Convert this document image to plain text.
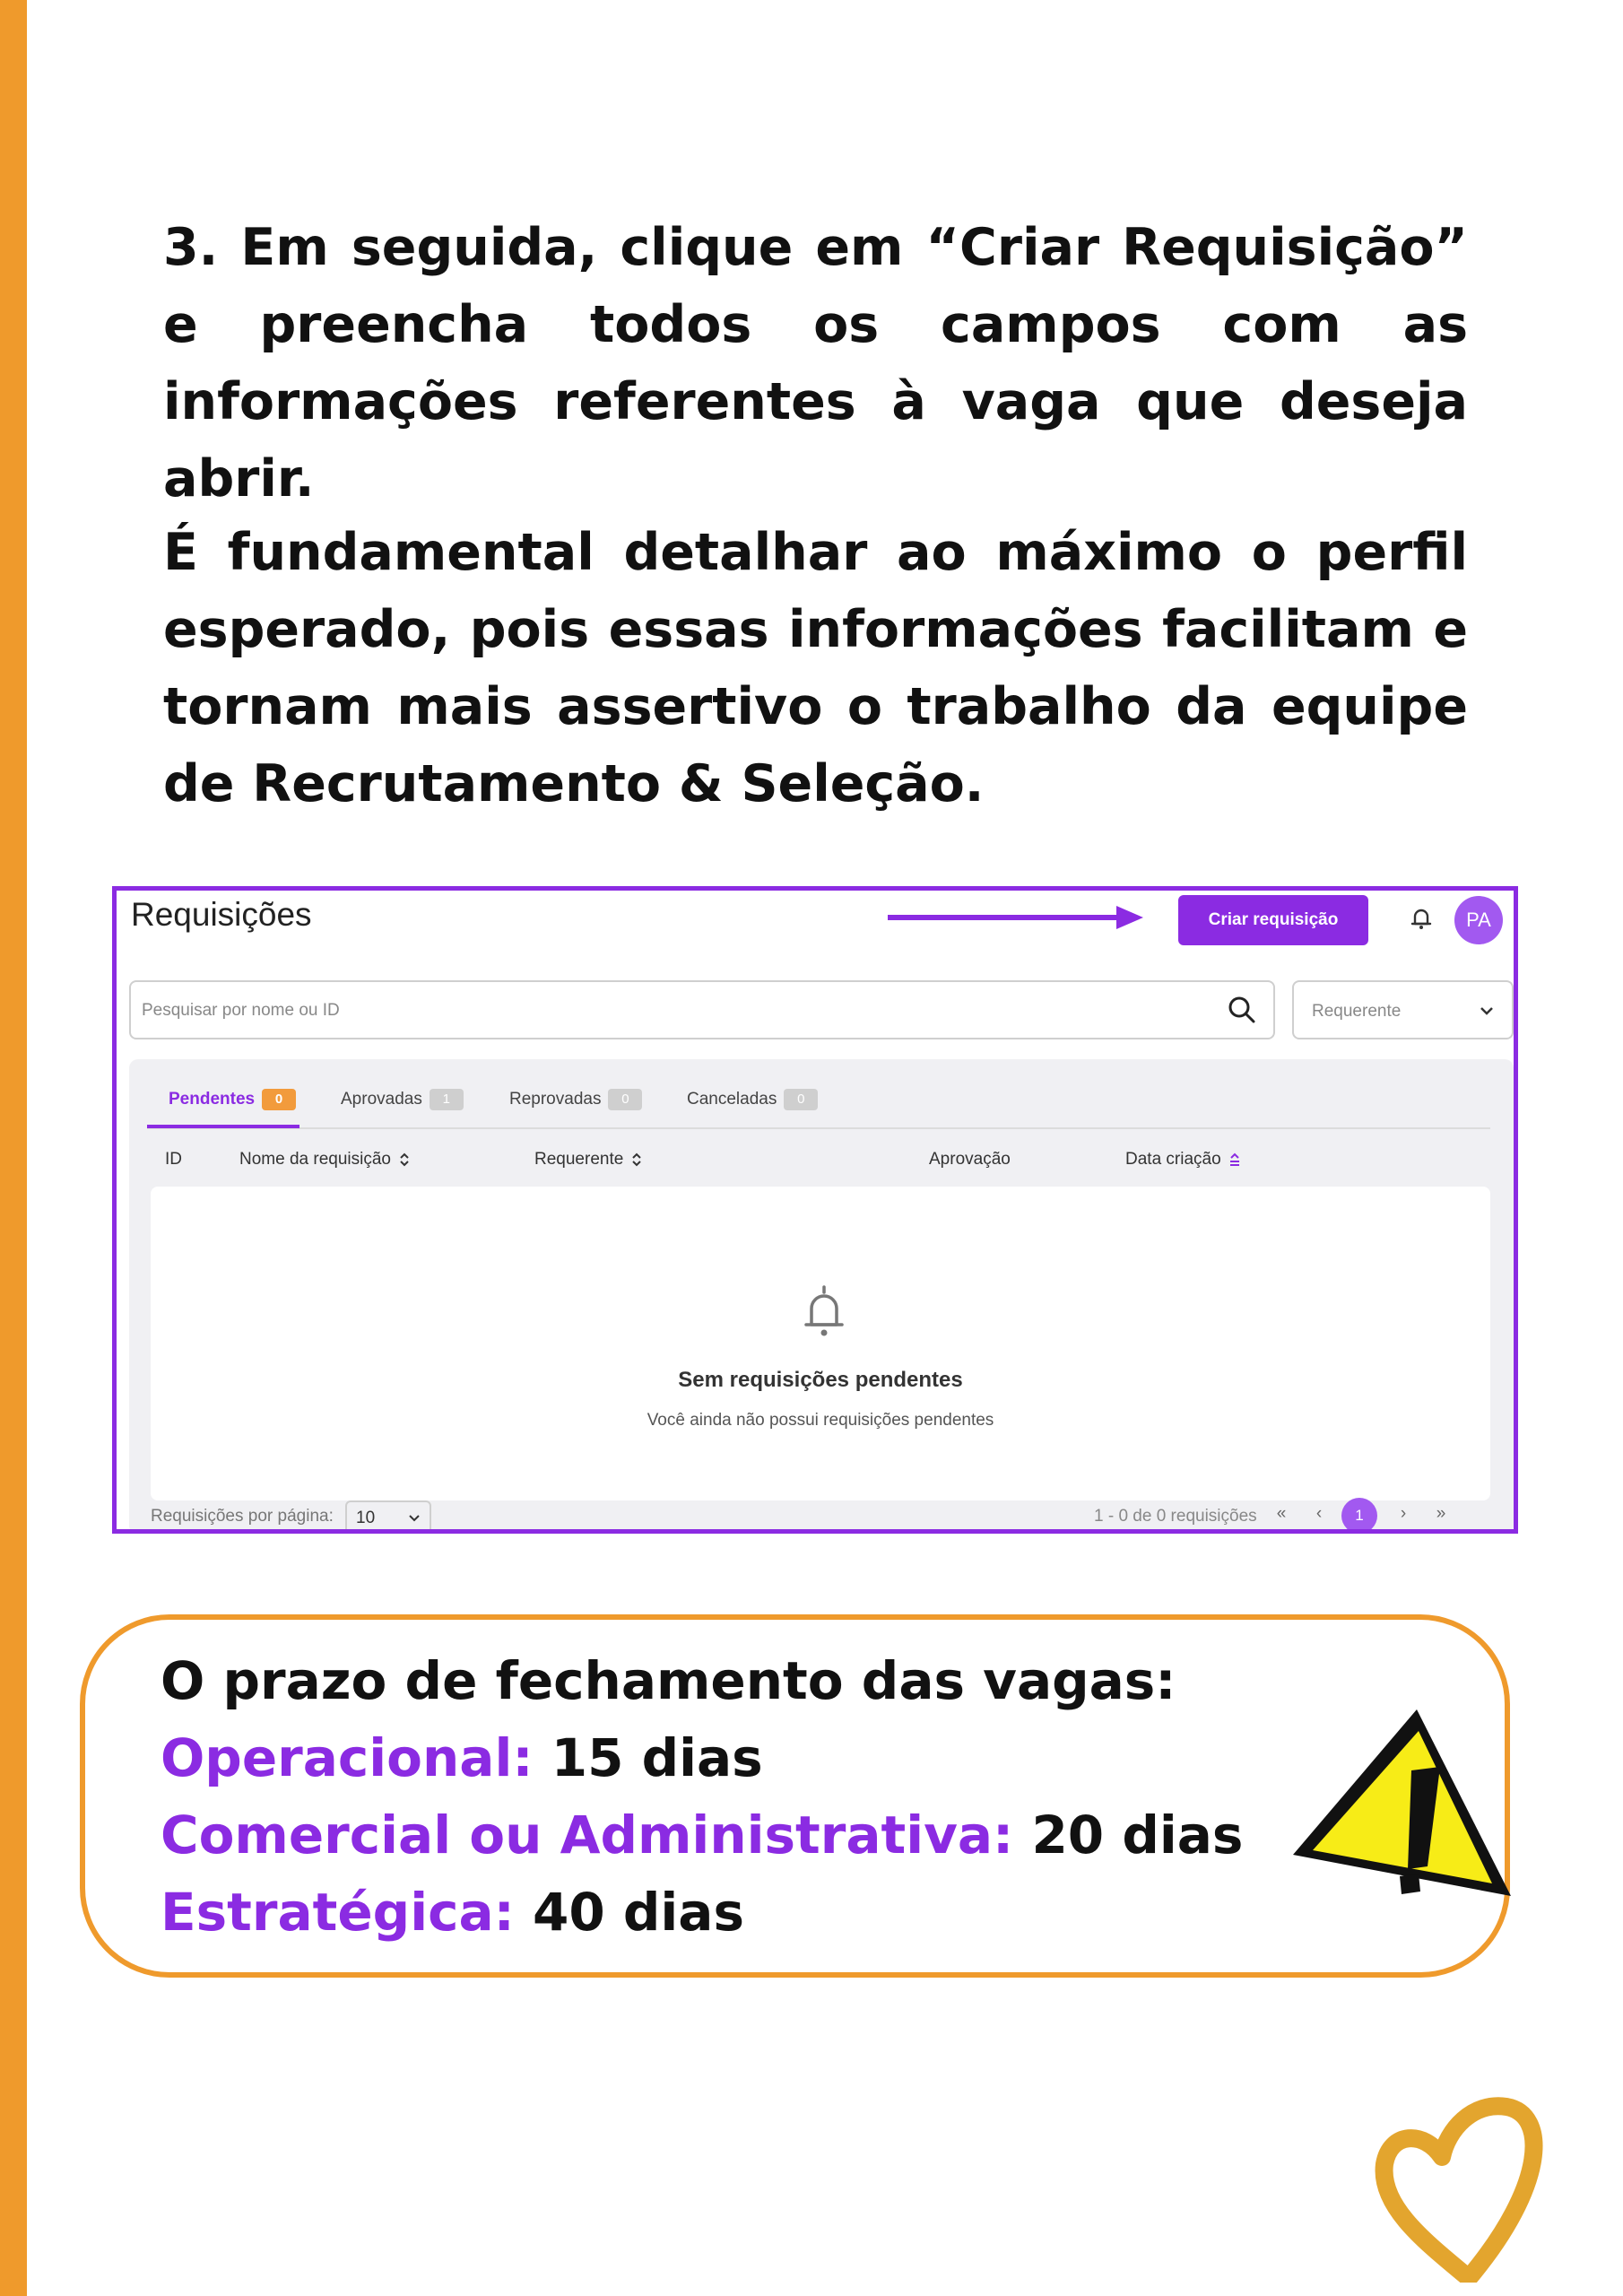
3. Em seguida, clique em “Criar Requisição” e preencha todos os campos com as informações referentes à vaga que deseja abrir.

É fundamental detalhar ao máximo o perfil esperado, pois essas informações facilitam e tornam mais assertivo o trabalho da equipe de Recrutamento & Seleção.

Requisições	Criar requisição	PA
Pesquisar por nome ou ID
Requerente
Pendentes	0	Aprovadas	1	Reprovadas	0	Canceladas	0
ID	Nome da requisição	Requerente	Aprovação	Data criação
Sem requisições pendentes
Você ainda não possui requisições pendentes
Requisições por página: 10	1 - 0 de 0 requisições	«	‹	1	›	»
O prazo de fechamento das vagas:
Operacional: 15 dias
Comercial ou Administrativa: 20 dias
Estratégica: 40 dias
